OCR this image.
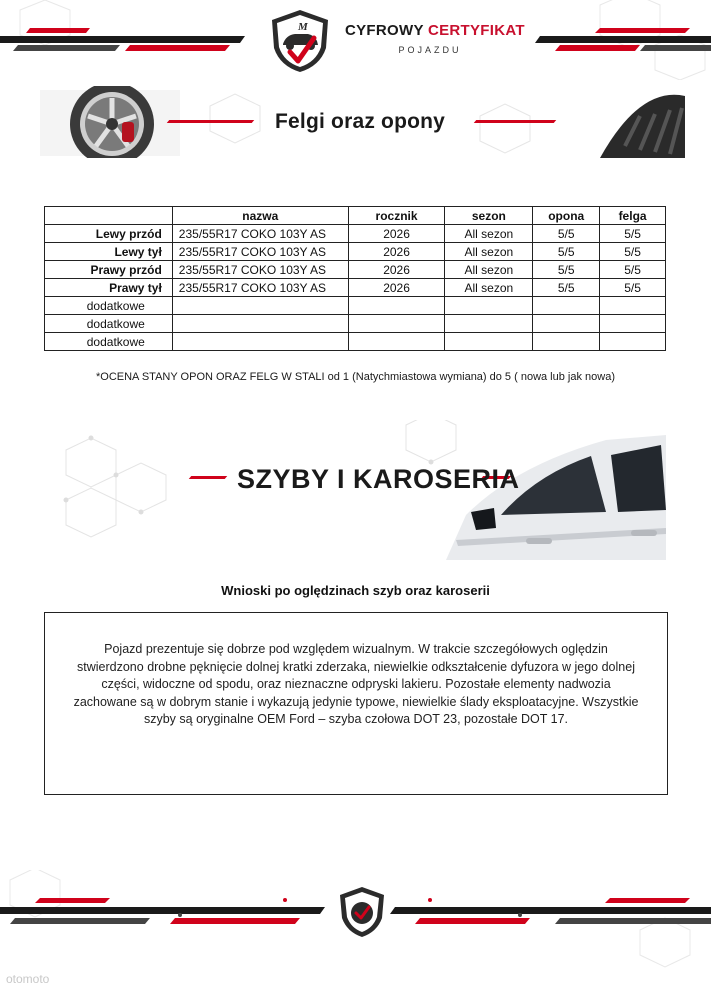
M CYFROWY CERTYFIKAT
POJAZDU
Felgi oraz opony
	nazwa	rocznik	sezon	opona	felga
Lewy przód	235/55R17 COKO 103Y AS	2026	All sezon	5/5	5/5
Lewy tył	235/55R17 COKO 103Y AS	2026	All sezon	5/5	5/5
Prawy przód	235/55R17 COKO 103Y AS	2026	All sezon	5/5	5/5
Prawy tył	235/55R17 COKO 103Y AS	2026	All sezon	5/5	5/5
dodatkowe					
dodatkowe					
dodatkowe					
*OCENA STANY OPON ORAZ FELG W STALI od 1 (Natychmiastowa wymiana) do 5 ( nowa lub jak nowa)
SZYBY I KAROSERIA
Wnioski po oględzinach szyb oraz karoserii
Pojazd prezentuje się dobrze pod względem wizualnym. W trakcie szczegółowych oględzin stwierdzono drobne pęknięcie dolnej kratki zderzaka, niewielkie odkształcenie dyfuzora w jego dolnej części, widoczne od spodu, oraz nieznaczne odpryski lakieru. Pozostałe elementy nadwozia zachowane są w dobrym stanie i wykazują jedynie typowe, niewielkie ślady eksploatacyjne. Wszystkie szyby są oryginalne OEM Ford – szyba czołowa DOT 23, pozostałe DOT 17.
otomoto
